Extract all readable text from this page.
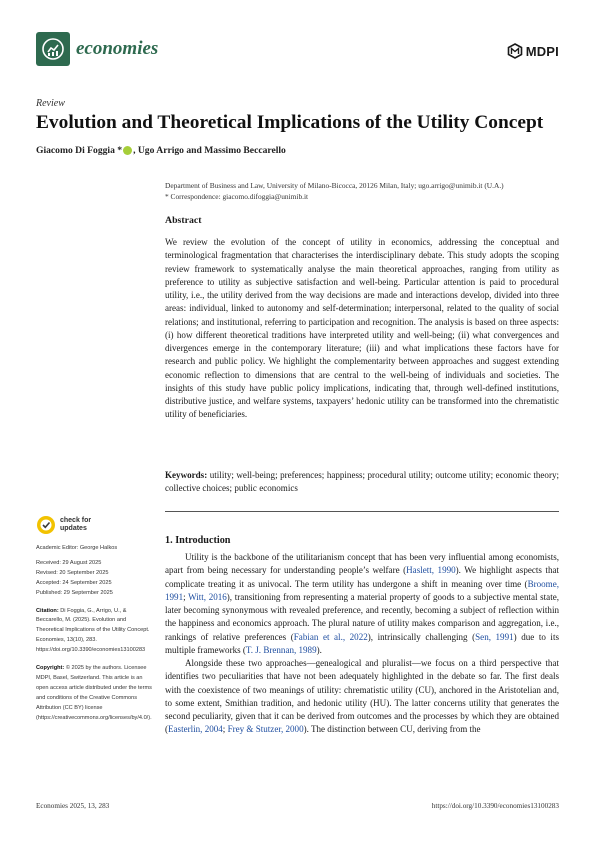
economies	MDPI
Review
Evolution and Theoretical Implications of the Utility Concept
Giacomo Di Foggia * , Ugo Arrigo and Massimo Beccarello
Department of Business and Law, University of Milano-Bicocca, 20126 Milan, Italy; ugo.arrigo@unimib.it (U.A.)
* Correspondence: giacomo.difoggia@unimib.it
Abstract
We review the evolution of the concept of utility in economics, addressing the conceptual and terminological fragmentation that characterises the interdisciplinary debate. This study adopts the scoping review framework to systematically analyse the main theoretical approaches, ranging from utility as preference to utility as subjective satisfaction and well-being. Particular attention is paid to procedural utility, i.e., the utility derived from the way decisions are made and interactions develop, divided into three areas: individual, linked to autonomy and self-determination; interpersonal, related to the quality of social relations; and institutional, referring to participation and recognition. The analysis is based on three aspects: (i) how different theoretical traditions have interpreted utility and well-being; (ii) what convergences and divergences emerge in the contemporary literature; (iii) and what implications these factors have for research and public policy. We highlight the complementarity between approaches and suggest extending economic reflection to dimensions that are central to the well-being of individuals and societies. The insights of this study have public policy implications, indicating that, through well-defined institutions, distributive justice, and welfare systems, taxpayers’ hedonic utility can be transformed into the chrematistic utility of beneficiaries.
Keywords: utility; well-being; preferences; happiness; procedural utility; outcome utility; economic theory; collective choices; public economics
check for
updates
Academic Editor: George Halkos
Received: 29 August 2025
Revised: 20 September 2025
Accepted: 24 September 2025
Published: 29 September 2025
Citation: Di Foggia, G., Arrigo, U., & Beccarello, M. (2025). Evolution and Theoretical Implications of the Utility Concept. Economies, 13(10), 283. https://doi.org/10.3390/economies13100283
Copyright: © 2025 by the authors. Licensee MDPI, Basel, Switzerland. This article is an open access article distributed under the terms and conditions of the Creative Commons Attribution (CC BY) license (https://creativecommons.org/licenses/by/4.0/).
1. Introduction

Utility is the backbone of the utilitarianism concept that has been very influential among economists, apart from being necessary for understanding people’s welfare (Haslett, 1990). We highlight aspects that complicate treating it as univocal. The term utility has undergone a shift in meaning over time (Broome, 1991; Witt, 2016), transitioning from representing a material property of goods to a subjective mental state, later becoming synonymous with revealed preference, and recently, becoming a subject of reflection within the happiness and economics approach. The plural nature of utility makes comparison and aggregation, i.e., rankings of relative preferences (Fabian et al., 2022), intrinsically challenging (Sen, 1991) due to its multiple frameworks (T. J. Brennan, 1989).

Alongside these two approaches—genealogical and pluralist—we focus on a third perspective that identifies two peculiarities that have not been adequately highlighted in the debate so far. The first deals with the coexistence of two meanings of utility: chrematistic utility (CU), anchored in the Aristotelian and, to some extent, Smithian tradition, and hedonic utility (HU). The latter concerns utility that generates the second peculiarity, given that it can be derived from outcomes and the processes by which they are obtained (Easterlin, 2004; Frey & Stutzer, 2000). The distinction between CU, deriving from the

Economies 2025, 13, 283	https://doi.org/10.3390/economies13100283
